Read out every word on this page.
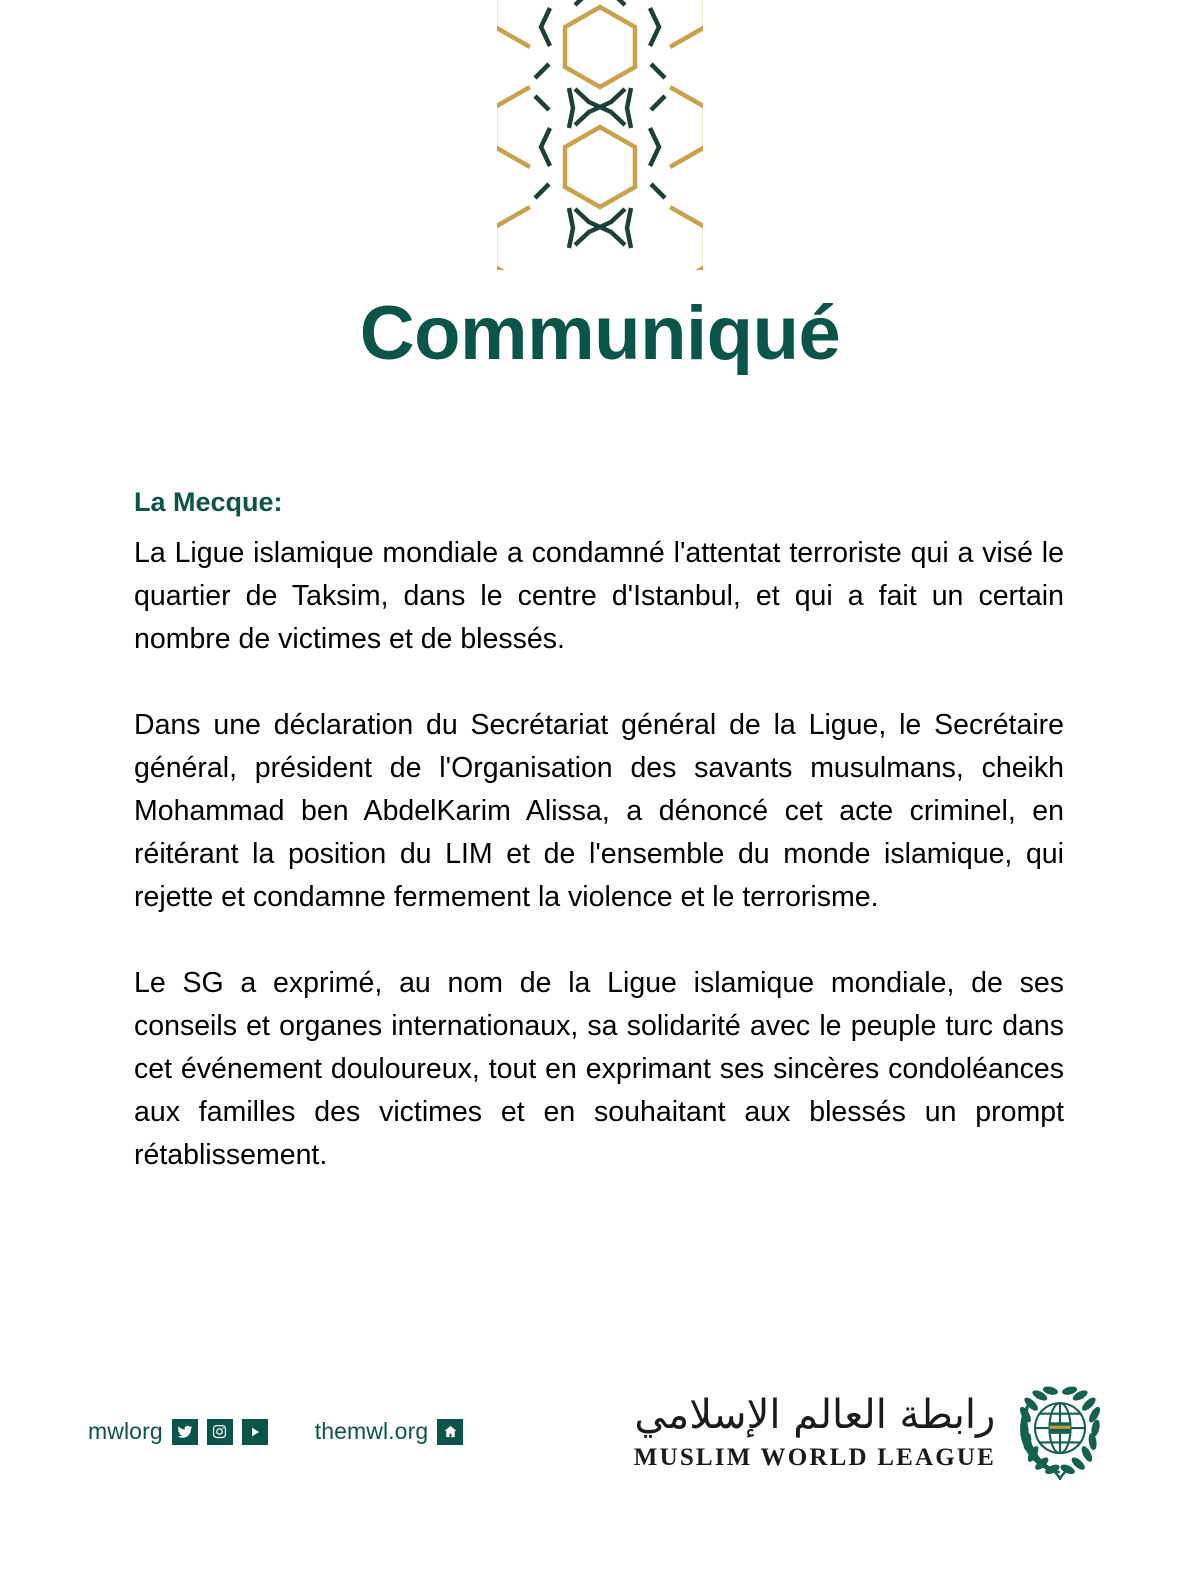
Communiqué
La Mecque:

La Ligue islamique mondiale a condamné l'attentat terroriste qui a visé le quartier de Taksim, dans le centre d'Istanbul, et qui a fait un certain nombre de victimes et de blessés.

Dans une déclaration du Secrétariat général de la Ligue, le Secrétaire général, président de l'Organisation des savants musulmans, cheikh Mohammad ben AbdelKarim Alissa, a dénoncé cet acte criminel, en réitérant la position du LIM et de l'ensemble du monde islamique, qui rejette et condamne fermement la violence et le terrorisme.

Le SG a exprimé, au nom de la Ligue islamique mondiale, de ses conseils et organes internationaux, sa solidarité avec le peuple turc dans cet événement douloureux, tout en exprimant ses sincères condoléances aux familles des victimes et en souhaitant aux blessés un prompt rétablissement.

mwlorg	themwl.org	رابطة العالم الإسلامي
MUSLIM WORLD LEAGUE
